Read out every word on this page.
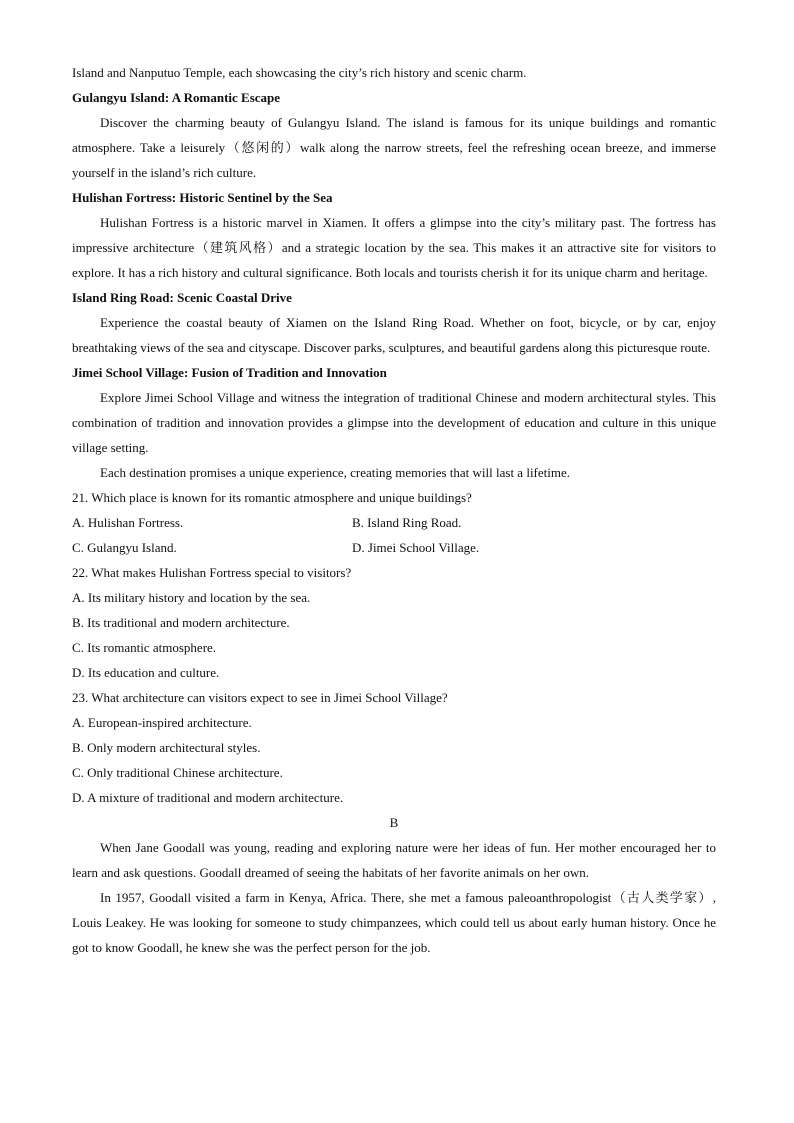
Island and Nanputuo Temple, each showcasing the city’s rich history and scenic charm.

Gulangyu Island: A Romantic Escape

Discover the charming beauty of Gulangyu Island. The island is famous for its unique buildings and romantic atmosphere. Take a leisurely（悠闲的）walk along the narrow streets, feel the refreshing ocean breeze, and immerse yourself in the island’s rich culture.

Hulishan Fortress: Historic Sentinel by the Sea

Hulishan Fortress is a historic marvel in Xiamen. It offers a glimpse into the city’s military past. The fortress has impressive architecture（建筑风格）and a strategic location by the sea. This makes it an attractive site for visitors to explore. It has a rich history and cultural significance. Both locals and tourists cherish it for its unique charm and heritage.

Island Ring Road: Scenic Coastal Drive

Experience the coastal beauty of Xiamen on the Island Ring Road. Whether on foot, bicycle, or by car, enjoy breathtaking views of the sea and cityscape. Discover parks, sculptures, and beautiful gardens along this picturesque route.

Jimei School Village: Fusion of Tradition and Innovation

Explore Jimei School Village and witness the integration of traditional Chinese and modern architectural styles. This combination of tradition and innovation provides a glimpse into the development of education and culture in this unique village setting.

Each destination promises a unique experience, creating memories that will last a lifetime.

21. Which place is known for its romantic atmosphere and unique buildings?

A. Hulishan Fortress.	B. Island Ring Road.
C. Gulangyu Island.	D. Jimei School Village.

22. What makes Hulishan Fortress special to visitors?

A. Its military history and location by the sea.

B. Its traditional and modern architecture.

C. Its romantic atmosphere.

D. Its education and culture.

23. What architecture can visitors expect to see in Jimei School Village?

A. European-inspired architecture.

B. Only modern architectural styles.

C. Only traditional Chinese architecture.

D. A mixture of traditional and modern architecture.

B

When Jane Goodall was young, reading and exploring nature were her ideas of fun. Her mother encouraged her to learn and ask questions. Goodall dreamed of seeing the habitats of her favorite animals on her own.

In 1957, Goodall visited a farm in Kenya, Africa. There, she met a famous paleoanthropologist（古人类学家）, Louis Leakey. He was looking for someone to study chimpanzees, which could tell us about early human history. Once he got to know Goodall, he knew she was the perfect person for the job.
